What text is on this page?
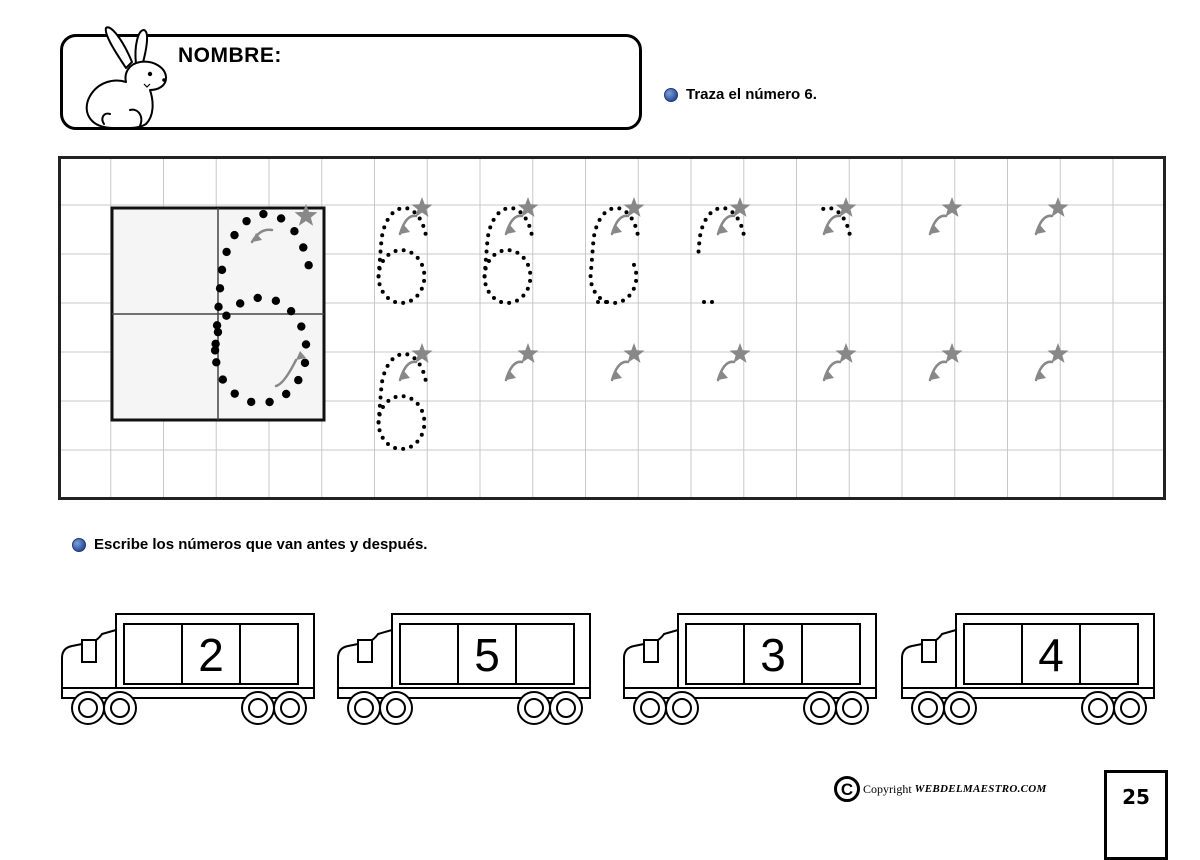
NOMBRE:
Traza el número 6.
Escribe los números que van antes y después.
C Copyright WEBDELMAESTRO.COM	25
2	5	3	4
